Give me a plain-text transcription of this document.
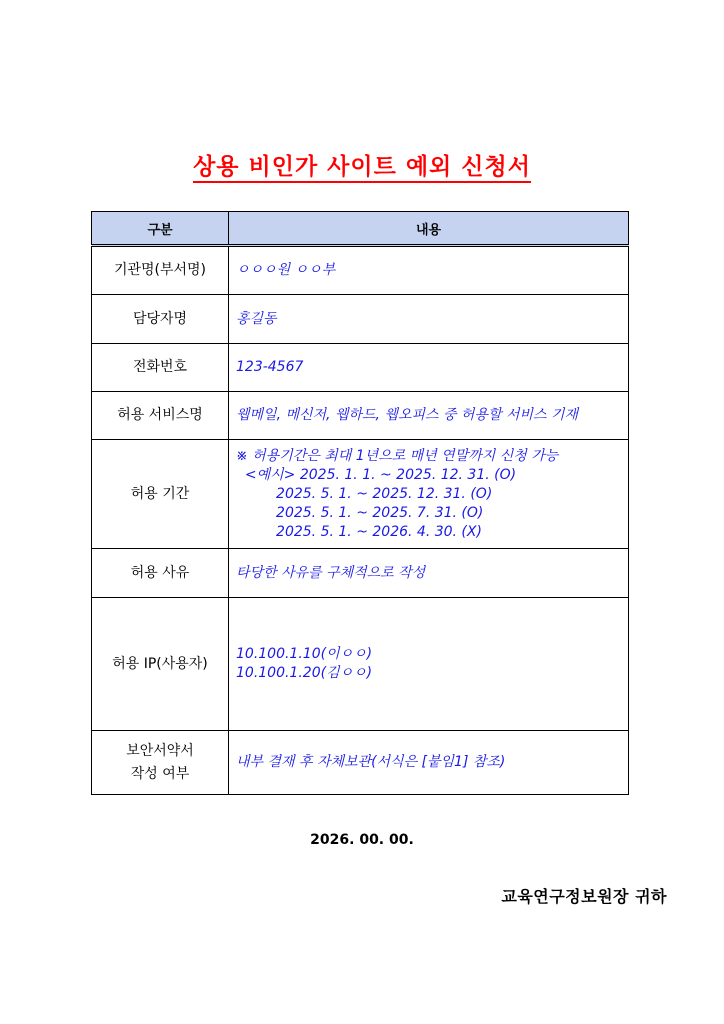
상용 비인가 사이트 예외 신청서
구분	내용
기관명(부서명)	ㅇㅇㅇ원 ㅇㅇ부
담당자명	홍길동
전화번호	123-4567
허용 서비스명	웹메일, 메신저, 웹하드, 웹오피스 중 허용할 서비스 기재
허용 기간	※ 허용기간은 최대 1년으로 매년 연말까지 신청 가능
<예시> 2025. 1. 1. ~ 2025. 12. 31. (O)
2025. 5. 1. ~ 2025. 12. 31. (O)
2025. 5. 1. ~ 2025. 7. 31. (O)
2025. 5. 1. ~ 2026. 4. 30. (X)

허용 사유	타당한 사유를 구체적으로 작성
허용 IP(사용자)	10.100.1.10(이ㅇㅇ)
10.100.1.20(김ㅇㅇ)

보안서약서
작성 여부	내부 결재 후 자체보관(서식은 [붙임1] 참조)
2026. 00. 00.
교육연구정보원장 귀하
